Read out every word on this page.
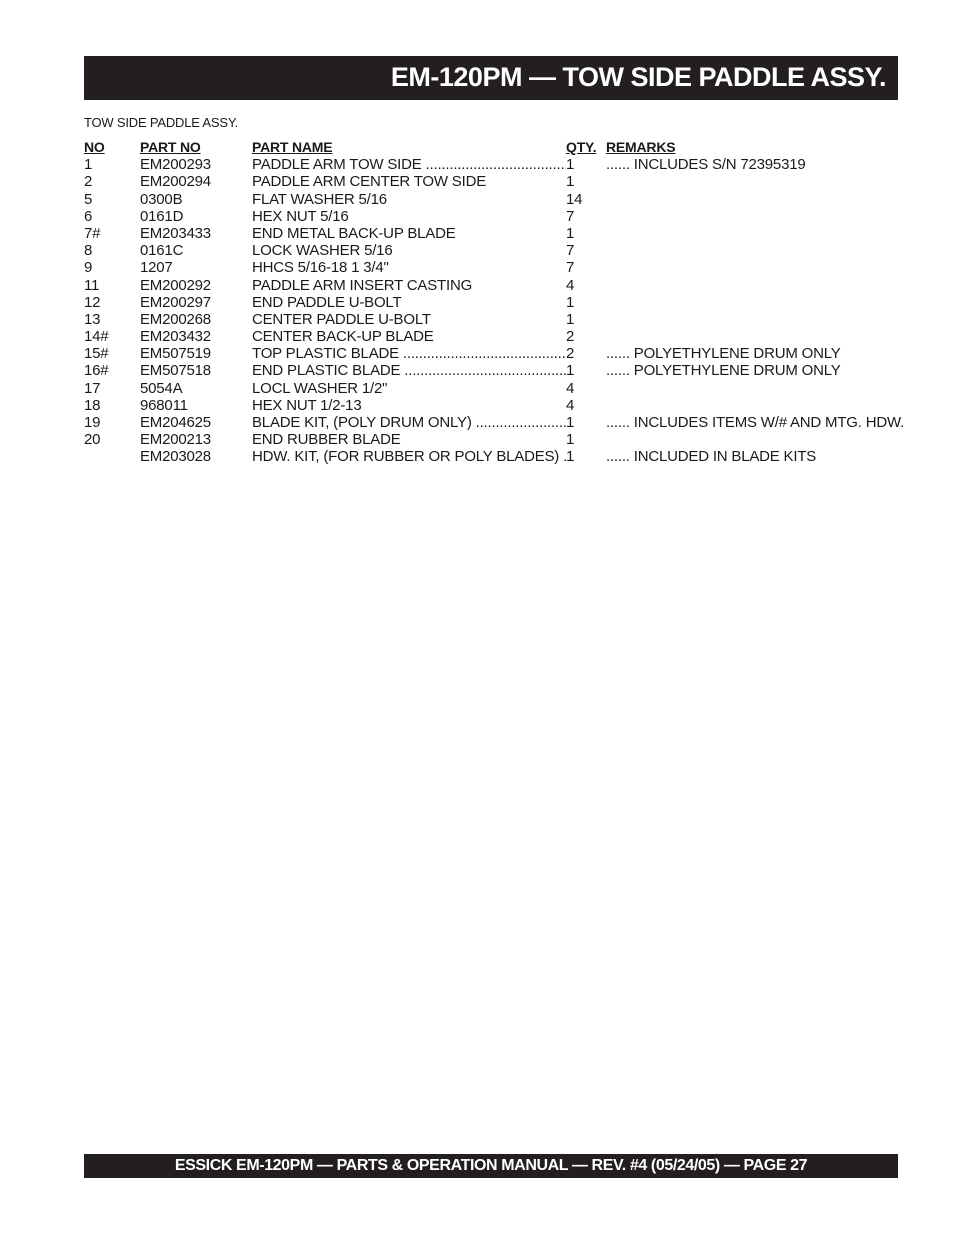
EM-120PM — TOW SIDE PADDLE ASSY.
TOW SIDE PADDLE ASSY.
NO	PART NO	PART NAME	QTY. REMARKS
1	EM200293	PADDLE ARM TOW SIDE .....	1 ...... INCLUDES S/N 72395319
2	EM200294	PADDLE ARM CENTER TOW SIDE	1
5	0300B	FLAT WASHER 5/16	14
6	0161D	HEX NUT 5/16	7
7#	EM203433	END METAL BACK-UP BLADE	1
8	0161C	LOCK WASHER 5/16	7
9	1207	HHCS 5/16-18 1 3/4"	7
11	EM200292	PADDLE ARM INSERT CASTING	4
12	EM200297	END PADDLE U-BOLT	1
13	EM200268	CENTER PADDLE U-BOLT	1
14# EM203432	CENTER BACK-UP BLADE	2
15# EM507519	TOP PLASTIC BLADE .....	2 ...... POLYETHYLENE DRUM ONLY
16# EM507518	END PLASTIC BLADE .....	1 ...... POLYETHYLENE DRUM ONLY
17	5054A	LOCL WASHER 1/2"	4
18	968011	HEX NUT 1/2-13	4
19	EM204625	BLADE KIT, (POLY DRUM ONLY) .....	1 ...... INCLUDES ITEMS W/# AND MTG. HDW.
20	EM200213	END RUBBER BLADE	1
EM203028	HDW. KIT, (FOR RUBBER OR POLY BLADES) ..... 1 ...... INCLUDED IN BLADE KITS
ESSICK EM-120PM — PARTS & OPERATION MANUAL — REV. #4 (05/24/05) — PAGE 27
